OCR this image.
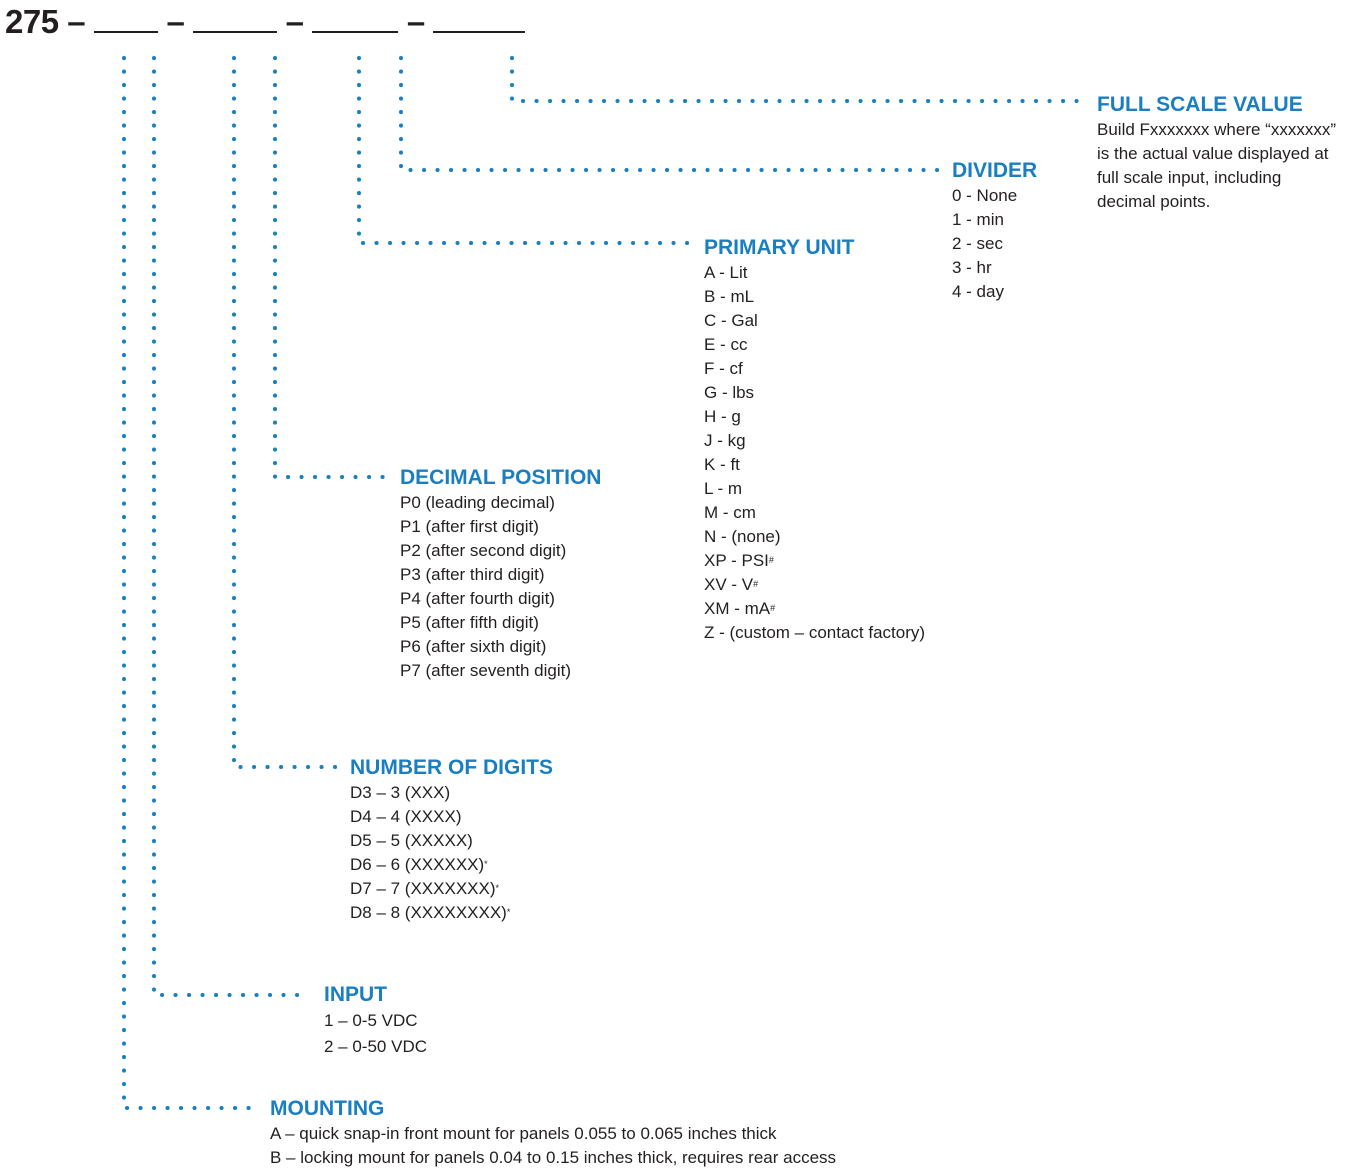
275 – –	–	–
FULL SCALE VALUE

Build Fxxxxxxx where “xxxxxxx” is the actual value displayed at full scale input, including decimal points.

DIVIDER
0 - None
1 - min
2 - sec
3 - hr
4 - day
PRIMARY UNIT
A - Lit
B - mL
C - Gal
E - cc
F - cf
G - lbs
H - g
J - kg
K - ft
L - m
M - cm
N - (none)
XP - PSI#
XV - V#
XM - mA#
Z - (custom – contact factory)
DECIMAL POSITION
P0 (leading decimal)
P1 (after first digit)
P2 (after second digit)
P3 (after third digit)
P4 (after fourth digit)
P5 (after fifth digit)
P6 (after sixth digit)
P7 (after seventh digit)
NUMBER OF DIGITS
D3 – 3 (XXX)
D4 – 4 (XXXX)
D5 – 5 (XXXXX)
D6 – 6 (XXXXXX)*
D7 – 7 (XXXXXXX)*
D8 – 8 (XXXXXXXX)*
INPUT
1 – 0-5 VDC
2 – 0-50 VDC
MOUNTING
A – quick snap-in front mount for panels 0.055 to 0.065 inches thick
B – locking mount for panels 0.04 to 0.15 inches thick, requires rear access
